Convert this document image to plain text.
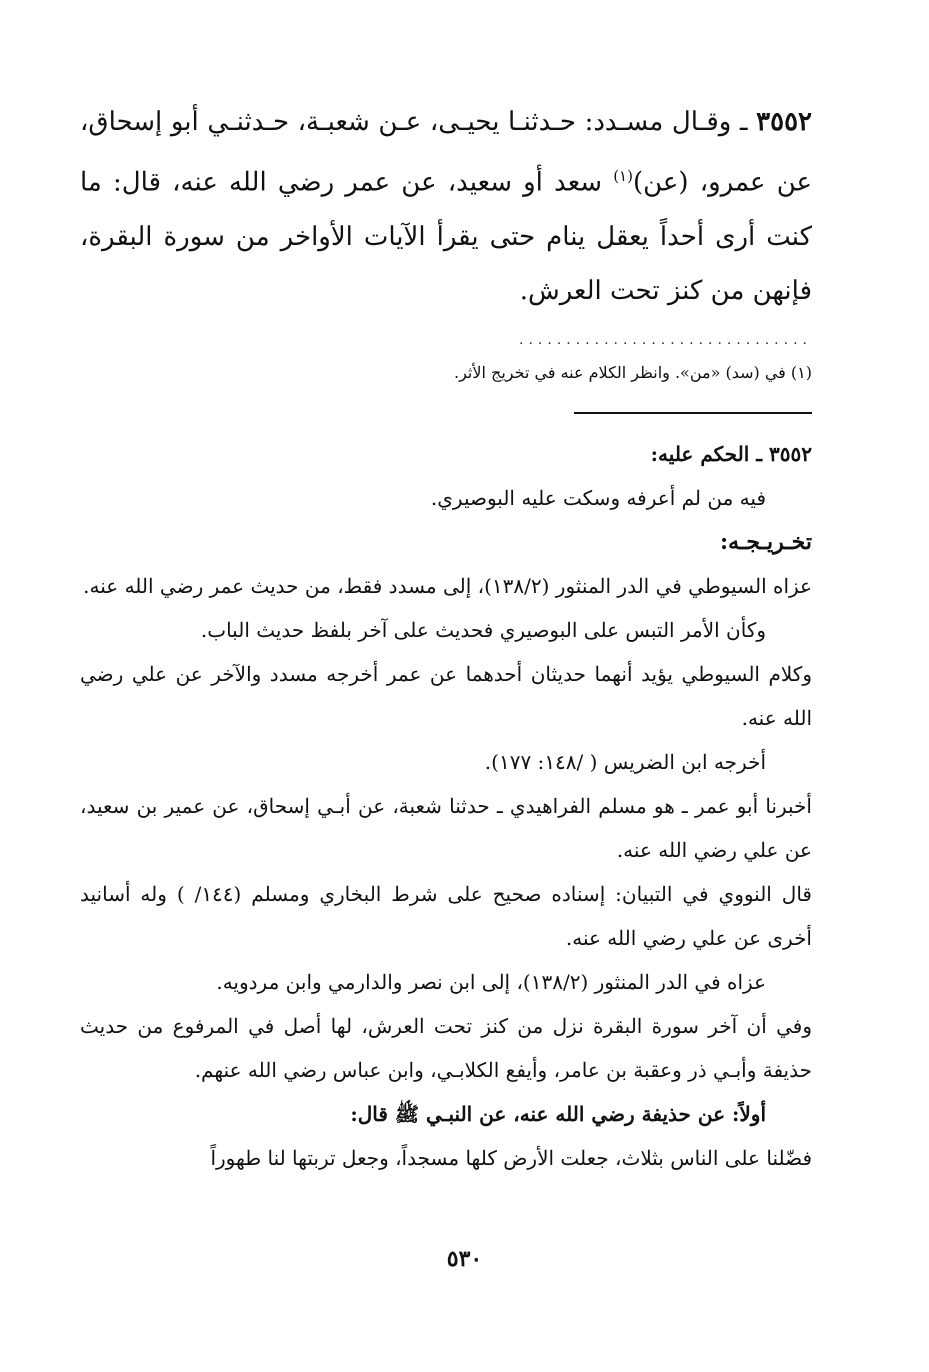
٣٥٥٢ ـ وقـال مسـدد: حـدثنـا يحيـى، عـن شعبـة، حـدثنـي أبو إسحاق، عن عمرو، (عن)$^{(١)}$ سعد أو سعيد، عن عمر رضي الله عنه، قال: ما كنت أرى أحداً يعقل ينام حتى يقرأ الآيات الأواخر من سورة البقرة، فإنهن من كنز تحت العرش.

...............................
(١) في (سد) «من». وانظر الكلام عنه في تخريج الأثر.

٣٥٥٢ ـ الحكم عليه:

فيه من لم أعرفه وسكت عليه البوصيري.

تخـريـجـه:

عزاه السيوطي في الدر المنثور (١٣٨/٢)، إلى مسدد فقط، من حديث عمر رضي الله عنه.

وكأن الأمر التبس على البوصيري فحديث على آخر بلفظ حديث الباب.

وكلام السيوطي يؤيد أنهما حديثان أحدهما عن عمر أخرجه مسدد والآخر عن علي رضي الله عنه.

أخرجه ابن الضريس ( /١٤٨: ١٧٧).

أخبرنا أبو عمر ـ هو مسلم الفراهيدي ـ حدثنا شعبة، عن أبـي إسحاق، عن عمير بن سعيد، عن علي رضي الله عنه.

قال النووي في التبيان: إسناده صحيح على شرط البخاري ومسلم (١٤٤/ ) وله أسانيد أخرى عن علي رضي الله عنه.

عزاه في الدر المنثور (١٣٨/٢)، إلى ابن نصر والدارمي وابن مردويه.

وفي أن آخر سورة البقرة نزل من كنز تحت العرش، لها أصل في المرفوع من حديث حذيفة وأبـي ذر وعقبة بن عامر، وأيفع الكلابـي، وابن عباس رضي الله عنهم.

أولاً: عن حذيفة رضي الله عنه، عن النبـي ﷺ قال:

فضّلنا على الناس بثلاث، جعلت الأرض كلها مسجداً، وجعل تربتها لنا طهوراً

٥٣٠
